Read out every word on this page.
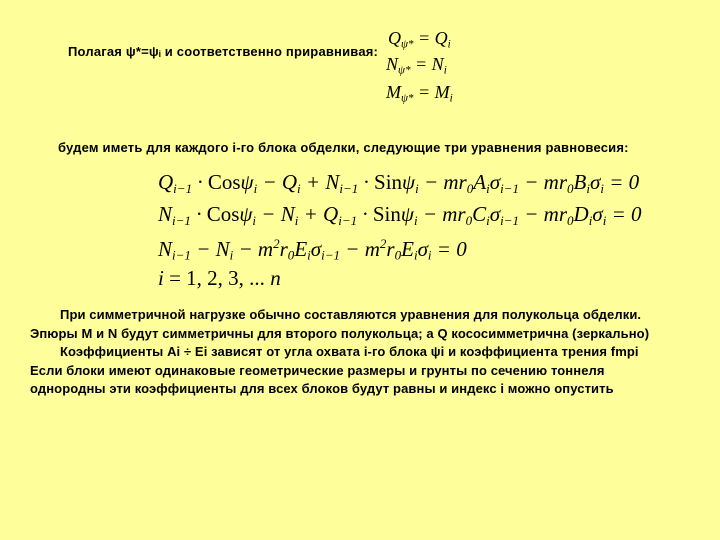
Полагая ψ*=ψᵢ и соответственно приравнивая:
$Q_{\psi*} = Q_i$
$N_{\psi*} = N_i$
$M_{\psi*} = M_i$
будем иметь для каждого i-го блока обделки, следующие три уравнения равновесия:
$Q_{i-1} \cdot Cos\psi_i - Q_i + N_{i-1} \cdot Sin\psi_i - mr_0A_i\sigma_{i-1} - mr_0B_i\sigma_i = 0$
$N_{i-1} \cdot Cos\psi_i - N_i + Q_{i-1} \cdot Sin\psi_i - mr_0C_i\sigma_{i-1} - mr_0D_i\sigma_i = 0$
$N_{i-1} - N_i - m^2r_0E_i\sigma_{i-1} - m^2r_0E_i\sigma_i = 0$
i = 1, 2, 3, ... n
При симметричной нагрузке обычно составляются уравнения для полукольца обделки.
Эпюры М и N будут симметричны для второго полукольца; а Q кососимметрична (зеркально)
Коэффициенты Ai ÷ Ei зависят от угла охвата i-го блока ψi и коэффициента трения fmpi
Если блоки имеют одинаковые геометрические размеры и грунты по сечению тоннеля
однородны эти коэффициенты для всех блоков будут равны и индекс i можно опустить
